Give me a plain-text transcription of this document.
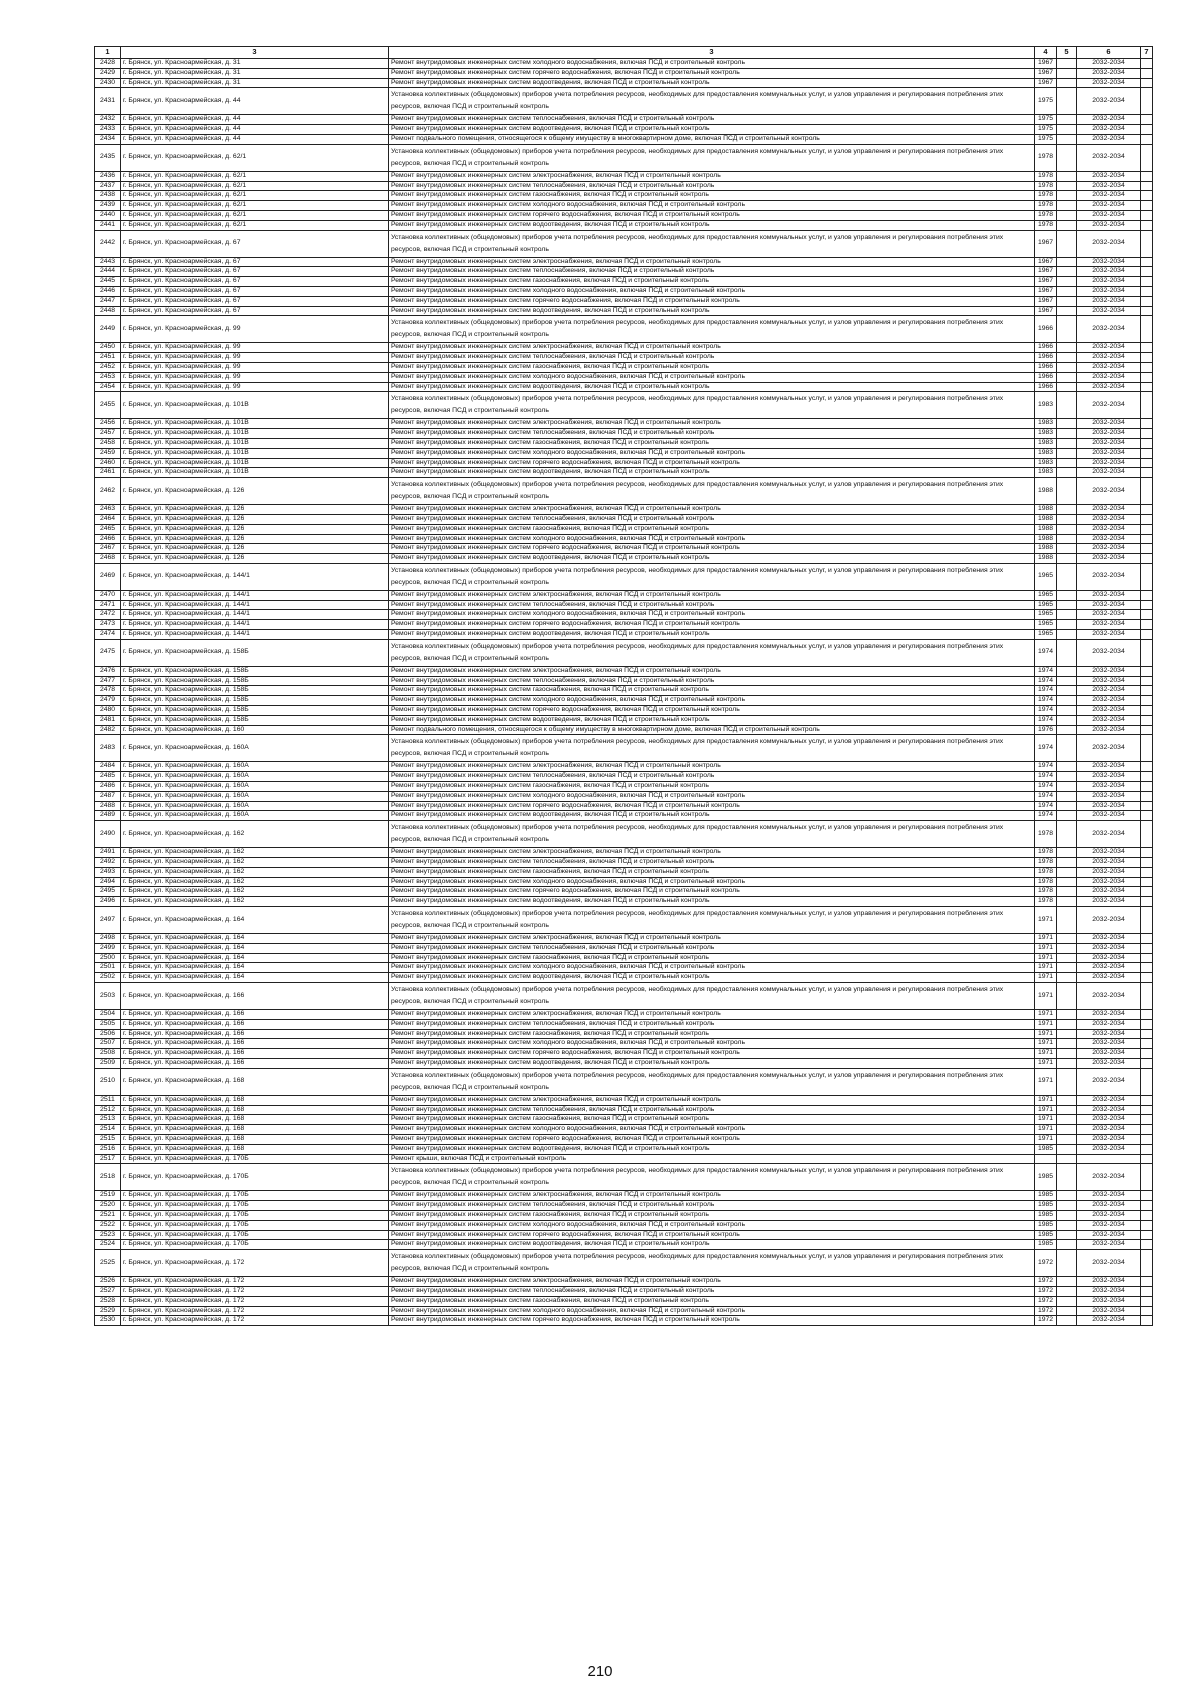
1	3	3	4	5	6	7
2428	г. Брянск, ул. Красноармейская, д. 31	Ремонт внутридомовых инженерных систем холодного водоснабжения, включая ПСД и строительный контроль	1967		2032-2034	
2429	г. Брянск, ул. Красноармейская, д. 31	Ремонт внутридомовых инженерных систем горячего водоснабжения, включая ПСД и строительный контроль	1967		2032-2034	
2430	г. Брянск, ул. Красноармейская, д. 31	Ремонт внутридомовых инженерных систем водоотведения, включая ПСД и строительный контроль	1967		2032-2034	
2431	г. Брянск, ул. Красноармейская, д. 44	Установка коллективных (общедомовых) приборов учета потребления ресурсов, необходимых для предоставления коммунальных услуг, и узлов управления и регулирования потребления этих ресурсов, включая ПСД и строительный контроль	1975		2032-2034	
2432	г. Брянск, ул. Красноармейская, д. 44	Ремонт внутридомовых инженерных систем теплоснабжения, включая ПСД и строительный контроль	1975		2032-2034	
2433	г. Брянск, ул. Красноармейская, д. 44	Ремонт внутридомовых инженерных систем водоотведения, включая ПСД и строительный контроль	1975		2032-2034	
2434	г. Брянск, ул. Красноармейская, д. 44	Ремонт подвального помещения, относящегося к общему имуществу в многоквартирном доме, включая ПСД и строительный контроль	1975		2032-2034	
2435	г. Брянск, ул. Красноармейская, д. 62/1	Установка коллективных (общедомовых) приборов учета потребления ресурсов, необходимых для предоставления коммунальных услуг, и узлов управления и регулирования потребления этих ресурсов, включая ПСД и строительный контроль	1978		2032-2034	
2436	г. Брянск, ул. Красноармейская, д. 62/1	Ремонт внутридомовых инженерных систем электроснабжения, включая ПСД и строительный контроль	1978		2032-2034	
2437	г. Брянск, ул. Красноармейская, д. 62/1	Ремонт внутридомовых инженерных систем теплоснабжения, включая ПСД и строительный контроль	1978		2032-2034	
2438	г. Брянск, ул. Красноармейская, д. 62/1	Ремонт внутридомовых инженерных систем газоснабжения, включая ПСД и строительный контроль	1978		2032-2034	
2439	г. Брянск, ул. Красноармейская, д. 62/1	Ремонт внутридомовых инженерных систем холодного водоснабжения, включая ПСД и строительный контроль	1978		2032-2034	
2440	г. Брянск, ул. Красноармейская, д. 62/1	Ремонт внутридомовых инженерных систем горячего водоснабжения, включая ПСД и строительный контроль	1978		2032-2034	
2441	г. Брянск, ул. Красноармейская, д. 62/1	Ремонт внутридомовых инженерных систем водоотведения, включая ПСД и строительный контроль	1978		2032-2034	
2442	г. Брянск, ул. Красноармейская, д. 67	Установка коллективных (общедомовых) приборов учета потребления ресурсов, необходимых для предоставления коммунальных услуг, и узлов управления и регулирования потребления этих ресурсов, включая ПСД и строительный контроль	1967		2032-2034	
2443	г. Брянск, ул. Красноармейская, д. 67	Ремонт внутридомовых инженерных систем электроснабжения, включая ПСД и строительный контроль	1967		2032-2034	
2444	г. Брянск, ул. Красноармейская, д. 67	Ремонт внутридомовых инженерных систем теплоснабжения, включая ПСД и строительный контроль	1967		2032-2034	
2445	г. Брянск, ул. Красноармейская, д. 67	Ремонт внутридомовых инженерных систем газоснабжения, включая ПСД и строительный контроль	1967		2032-2034	
2446	г. Брянск, ул. Красноармейская, д. 67	Ремонт внутридомовых инженерных систем холодного водоснабжения, включая ПСД и строительный контроль	1967		2032-2034	
2447	г. Брянск, ул. Красноармейская, д. 67	Ремонт внутридомовых инженерных систем горячего водоснабжения, включая ПСД и строительный контроль	1967		2032-2034	
2448	г. Брянск, ул. Красноармейская, д. 67	Ремонт внутридомовых инженерных систем водоотведения, включая ПСД и строительный контроль	1967		2032-2034	
2449	г. Брянск, ул. Красноармейская, д. 99	Установка коллективных (общедомовых) приборов учета потребления ресурсов, необходимых для предоставления коммунальных услуг, и узлов управления и регулирования потребления этих ресурсов, включая ПСД и строительный контроль	1966		2032-2034	
2450	г. Брянск, ул. Красноармейская, д. 99	Ремонт внутридомовых инженерных систем электроснабжения, включая ПСД и строительный контроль	1966		2032-2034	
2451	г. Брянск, ул. Красноармейская, д. 99	Ремонт внутридомовых инженерных систем теплоснабжения, включая ПСД и строительный контроль	1966		2032-2034	
2452	г. Брянск, ул. Красноармейская, д. 99	Ремонт внутридомовых инженерных систем газоснабжения, включая ПСД и строительный контроль	1966		2032-2034	
2453	г. Брянск, ул. Красноармейская, д. 99	Ремонт внутридомовых инженерных систем холодного водоснабжения, включая ПСД и строительный контроль	1966		2032-2034	
2454	г. Брянск, ул. Красноармейская, д. 99	Ремонт внутридомовых инженерных систем водоотведения, включая ПСД и строительный контроль	1966		2032-2034	
2455	г. Брянск, ул. Красноармейская, д. 101В	Установка коллективных (общедомовых) приборов учета потребления ресурсов, необходимых для предоставления коммунальных услуг, и узлов управления и регулирования потребления этих ресурсов, включая ПСД и строительный контроль	1983		2032-2034	
2456	г. Брянск, ул. Красноармейская, д. 101В	Ремонт внутридомовых инженерных систем электроснабжения, включая ПСД и строительный контроль	1983		2032-2034	
2457	г. Брянск, ул. Красноармейская, д. 101В	Ремонт внутридомовых инженерных систем теплоснабжения, включая ПСД и строительный контроль	1983		2032-2034	
2458	г. Брянск, ул. Красноармейская, д. 101В	Ремонт внутридомовых инженерных систем газоснабжения, включая ПСД и строительный контроль	1983		2032-2034	
2459	г. Брянск, ул. Красноармейская, д. 101В	Ремонт внутридомовых инженерных систем холодного водоснабжения, включая ПСД и строительный контроль	1983		2032-2034	
2460	г. Брянск, ул. Красноармейская, д. 101В	Ремонт внутридомовых инженерных систем горячего водоснабжения, включая ПСД и строительный контроль	1983		2032-2034	
2461	г. Брянск, ул. Красноармейская, д. 101В	Ремонт внутридомовых инженерных систем водоотведения, включая ПСД и строительный контроль	1983		2032-2034	
2462	г. Брянск, ул. Красноармейская, д. 126	Установка коллективных (общедомовых) приборов учета потребления ресурсов, необходимых для предоставления коммунальных услуг, и узлов управления и регулирования потребления этих ресурсов, включая ПСД и строительный контроль	1988		2032-2034	
2463	г. Брянск, ул. Красноармейская, д. 126	Ремонт внутридомовых инженерных систем электроснабжения, включая ПСД и строительный контроль	1988		2032-2034	
2464	г. Брянск, ул. Красноармейская, д. 126	Ремонт внутридомовых инженерных систем теплоснабжения, включая ПСД и строительный контроль	1988		2032-2034	
2465	г. Брянск, ул. Красноармейская, д. 126	Ремонт внутридомовых инженерных систем газоснабжения, включая ПСД и строительный контроль	1988		2032-2034	
2466	г. Брянск, ул. Красноармейская, д. 126	Ремонт внутридомовых инженерных систем холодного водоснабжения, включая ПСД и строительный контроль	1988		2032-2034	
2467	г. Брянск, ул. Красноармейская, д. 126	Ремонт внутридомовых инженерных систем горячего водоснабжения, включая ПСД и строительный контроль	1988		2032-2034	
2468	г. Брянск, ул. Красноармейская, д. 126	Ремонт внутридомовых инженерных систем водоотведения, включая ПСД и строительный контроль	1988		2032-2034	
2469	г. Брянск, ул. Красноармейская, д. 144/1	Установка коллективных (общедомовых) приборов учета потребления ресурсов, необходимых для предоставления коммунальных услуг, и узлов управления и регулирования потребления этих ресурсов, включая ПСД и строительный контроль	1965		2032-2034	
2470	г. Брянск, ул. Красноармейская, д. 144/1	Ремонт внутридомовых инженерных систем электроснабжения, включая ПСД и строительный контроль	1965		2032-2034	
2471	г. Брянск, ул. Красноармейская, д. 144/1	Ремонт внутридомовых инженерных систем теплоснабжения, включая ПСД и строительный контроль	1965		2032-2034	
2472	г. Брянск, ул. Красноармейская, д. 144/1	Ремонт внутридомовых инженерных систем холодного водоснабжения, включая ПСД и строительный контроль	1965		2032-2034	
2473	г. Брянск, ул. Красноармейская, д. 144/1	Ремонт внутридомовых инженерных систем горячего водоснабжения, включая ПСД и строительный контроль	1965		2032-2034	
2474	г. Брянск, ул. Красноармейская, д. 144/1	Ремонт внутридомовых инженерных систем водоотведения, включая ПСД и строительный контроль	1965		2032-2034	
2475	г. Брянск, ул. Красноармейская, д. 158Б	Установка коллективных (общедомовых) приборов учета потребления ресурсов, необходимых для предоставления коммунальных услуг, и узлов управления и регулирования потребления этих ресурсов, включая ПСД и строительный контроль	1974		2032-2034	
2476	г. Брянск, ул. Красноармейская, д. 158Б	Ремонт внутридомовых инженерных систем электроснабжения, включая ПСД и строительный контроль	1974		2032-2034	
2477	г. Брянск, ул. Красноармейская, д. 158Б	Ремонт внутридомовых инженерных систем теплоснабжения, включая ПСД и строительный контроль	1974		2032-2034	
2478	г. Брянск, ул. Красноармейская, д. 158Б	Ремонт внутридомовых инженерных систем газоснабжения, включая ПСД и строительный контроль	1974		2032-2034	
2479	г. Брянск, ул. Красноармейская, д. 158Б	Ремонт внутридомовых инженерных систем холодного водоснабжения, включая ПСД и строительный контроль	1974		2032-2034	
2480	г. Брянск, ул. Красноармейская, д. 158Б	Ремонт внутридомовых инженерных систем горячего водоснабжения, включая ПСД и строительный контроль	1974		2032-2034	
2481	г. Брянск, ул. Красноармейская, д. 158Б	Ремонт внутридомовых инженерных систем водоотведения, включая ПСД и строительный контроль	1974		2032-2034	
2482	г. Брянск, ул. Красноармейская, д. 160	Ремонт подвального помещения, относящегося к общему имуществу в многоквартирном доме, включая ПСД и строительный контроль	1976		2032-2034	
2483	г. Брянск, ул. Красноармейская, д. 160А	Установка коллективных (общедомовых) приборов учета потребления ресурсов, необходимых для предоставления коммунальных услуг, и узлов управления и регулирования потребления этих ресурсов, включая ПСД и строительный контроль	1974		2032-2034	
2484	г. Брянск, ул. Красноармейская, д. 160А	Ремонт внутридомовых инженерных систем электроснабжения, включая ПСД и строительный контроль	1974		2032-2034	
2485	г. Брянск, ул. Красноармейская, д. 160А	Ремонт внутридомовых инженерных систем теплоснабжения, включая ПСД и строительный контроль	1974		2032-2034	
2486	г. Брянск, ул. Красноармейская, д. 160А	Ремонт внутридомовых инженерных систем газоснабжения, включая ПСД и строительный контроль	1974		2032-2034	
2487	г. Брянск, ул. Красноармейская, д. 160А	Ремонт внутридомовых инженерных систем холодного водоснабжения, включая ПСД и строительный контроль	1974		2032-2034	
2488	г. Брянск, ул. Красноармейская, д. 160А	Ремонт внутридомовых инженерных систем горячего водоснабжения, включая ПСД и строительный контроль	1974		2032-2034	
2489	г. Брянск, ул. Красноармейская, д. 160А	Ремонт внутридомовых инженерных систем водоотведения, включая ПСД и строительный контроль	1974		2032-2034	
2490	г. Брянск, ул. Красноармейская, д. 162	Установка коллективных (общедомовых) приборов учета потребления ресурсов, необходимых для предоставления коммунальных услуг, и узлов управления и регулирования потребления этих ресурсов, включая ПСД и строительный контроль	1978		2032-2034	
2491	г. Брянск, ул. Красноармейская, д. 162	Ремонт внутридомовых инженерных систем электроснабжения, включая ПСД и строительный контроль	1978		2032-2034	
2492	г. Брянск, ул. Красноармейская, д. 162	Ремонт внутридомовых инженерных систем теплоснабжения, включая ПСД и строительный контроль	1978		2032-2034	
2493	г. Брянск, ул. Красноармейская, д. 162	Ремонт внутридомовых инженерных систем газоснабжения, включая ПСД и строительный контроль	1978		2032-2034	
2494	г. Брянск, ул. Красноармейская, д. 162	Ремонт внутридомовых инженерных систем холодного водоснабжения, включая ПСД и строительный контроль	1978		2032-2034	
2495	г. Брянск, ул. Красноармейская, д. 162	Ремонт внутридомовых инженерных систем горячего водоснабжения, включая ПСД и строительный контроль	1978		2032-2034	
2496	г. Брянск, ул. Красноармейская, д. 162	Ремонт внутридомовых инженерных систем водоотведения, включая ПСД и строительный контроль	1978		2032-2034	
2497	г. Брянск, ул. Красноармейская, д. 164	Установка коллективных (общедомовых) приборов учета потребления ресурсов, необходимых для предоставления коммунальных услуг, и узлов управления и регулирования потребления этих ресурсов, включая ПСД и строительный контроль	1971		2032-2034	
2498	г. Брянск, ул. Красноармейская, д. 164	Ремонт внутридомовых инженерных систем электроснабжения, включая ПСД и строительный контроль	1971		2032-2034	
2499	г. Брянск, ул. Красноармейская, д. 164	Ремонт внутридомовых инженерных систем теплоснабжения, включая ПСД и строительный контроль	1971		2032-2034	
2500	г. Брянск, ул. Красноармейская, д. 164	Ремонт внутридомовых инженерных систем газоснабжения, включая ПСД и строительный контроль	1971		2032-2034	
2501	г. Брянск, ул. Красноармейская, д. 164	Ремонт внутридомовых инженерных систем холодного водоснабжения, включая ПСД и строительный контроль	1971		2032-2034	
2502	г. Брянск, ул. Красноармейская, д. 164	Ремонт внутридомовых инженерных систем водоотведения, включая ПСД и строительный контроль	1971		2032-2034	
2503	г. Брянск, ул. Красноармейская, д. 166	Установка коллективных (общедомовых) приборов учета потребления ресурсов, необходимых для предоставления коммунальных услуг, и узлов управления и регулирования потребления этих ресурсов, включая ПСД и строительный контроль	1971		2032-2034	
2504	г. Брянск, ул. Красноармейская, д. 166	Ремонт внутридомовых инженерных систем электроснабжения, включая ПСД и строительный контроль	1971		2032-2034	
2505	г. Брянск, ул. Красноармейская, д. 166	Ремонт внутридомовых инженерных систем теплоснабжения, включая ПСД и строительный контроль	1971		2032-2034	
2506	г. Брянск, ул. Красноармейская, д. 166	Ремонт внутридомовых инженерных систем газоснабжения, включая ПСД и строительный контроль	1971		2032-2034	
2507	г. Брянск, ул. Красноармейская, д. 166	Ремонт внутридомовых инженерных систем холодного водоснабжения, включая ПСД и строительный контроль	1971		2032-2034	
2508	г. Брянск, ул. Красноармейская, д. 166	Ремонт внутридомовых инженерных систем горячего водоснабжения, включая ПСД и строительный контроль	1971		2032-2034	
2509	г. Брянск, ул. Красноармейская, д. 166	Ремонт внутридомовых инженерных систем водоотведения, включая ПСД и строительный контроль	1971		2032-2034	
2510	г. Брянск, ул. Красноармейская, д. 168	Установка коллективных (общедомовых) приборов учета потребления ресурсов, необходимых для предоставления коммунальных услуг, и узлов управления и регулирования потребления этих ресурсов, включая ПСД и строительный контроль	1971		2032-2034	
2511	г. Брянск, ул. Красноармейская, д. 168	Ремонт внутридомовых инженерных систем электроснабжения, включая ПСД и строительный контроль	1971		2032-2034	
2512	г. Брянск, ул. Красноармейская, д. 168	Ремонт внутридомовых инженерных систем теплоснабжения, включая ПСД и строительный контроль	1971		2032-2034	
2513	г. Брянск, ул. Красноармейская, д. 168	Ремонт внутридомовых инженерных систем газоснабжения, включая ПСД и строительный контроль	1971		2032-2034	
2514	г. Брянск, ул. Красноармейская, д. 168	Ремонт внутридомовых инженерных систем холодного водоснабжения, включая ПСД и строительный контроль	1971		2032-2034	
2515	г. Брянск, ул. Красноармейская, д. 168	Ремонт внутридомовых инженерных систем горячего водоснабжения, включая ПСД и строительный контроль	1971		2032-2034	
2516	г. Брянск, ул. Красноармейская, д. 168	Ремонт внутридомовых инженерных систем водоотведения, включая ПСД и строительный контроль	1985		2032-2034	
2517	г. Брянск, ул. Красноармейская, д. 170Б	Ремонт крыши, включая ПСД и строительный контроль				
2518	г. Брянск, ул. Красноармейская, д. 170Б	Установка коллективных (общедомовых) приборов учета потребления ресурсов, необходимых для предоставления коммунальных услуг, и узлов управления и регулирования потребления этих ресурсов, включая ПСД и строительный контроль	1985		2032-2034	
2519	г. Брянск, ул. Красноармейская, д. 170Б	Ремонт внутридомовых инженерных систем электроснабжения, включая ПСД и строительный контроль	1985		2032-2034	
2520	г. Брянск, ул. Красноармейская, д. 170Б	Ремонт внутридомовых инженерных систем теплоснабжения, включая ПСД и строительный контроль	1985		2032-2034	
2521	г. Брянск, ул. Красноармейская, д. 170Б	Ремонт внутридомовых инженерных систем газоснабжения, включая ПСД и строительный контроль	1985		2032-2034	
2522	г. Брянск, ул. Красноармейская, д. 170Б	Ремонт внутридомовых инженерных систем холодного водоснабжения, включая ПСД и строительный контроль	1985		2032-2034	
2523	г. Брянск, ул. Красноармейская, д. 170Б	Ремонт внутридомовых инженерных систем горячего водоснабжения, включая ПСД и строительный контроль	1985		2032-2034	
2524	г. Брянск, ул. Красноармейская, д. 170Б	Ремонт внутридомовых инженерных систем водоотведения, включая ПСД и строительный контроль	1985		2032-2034	
2525	г. Брянск, ул. Красноармейская, д. 172	Установка коллективных (общедомовых) приборов учета потребления ресурсов, необходимых для предоставления коммунальных услуг, и узлов управления и регулирования потребления этих ресурсов, включая ПСД и строительный контроль	1972		2032-2034	
2526	г. Брянск, ул. Красноармейская, д. 172	Ремонт внутридомовых инженерных систем электроснабжения, включая ПСД и строительный контроль	1972		2032-2034	
2527	г. Брянск, ул. Красноармейская, д. 172	Ремонт внутридомовых инженерных систем теплоснабжения, включая ПСД и строительный контроль	1972		2032-2034	
2528	г. Брянск, ул. Красноармейская, д. 172	Ремонт внутридомовых инженерных систем газоснабжения, включая ПСД и строительный контроль	1972		2032-2034	
2529	г. Брянск, ул. Красноармейская, д. 172	Ремонт внутридомовых инженерных систем холодного водоснабжения, включая ПСД и строительный контроль	1972		2032-2034	
2530	г. Брянск, ул. Красноармейская, д. 172	Ремонт внутридомовых инженерных систем горячего водоснабжения, включая ПСД и строительный контроль	1972		2032-2034	
210
